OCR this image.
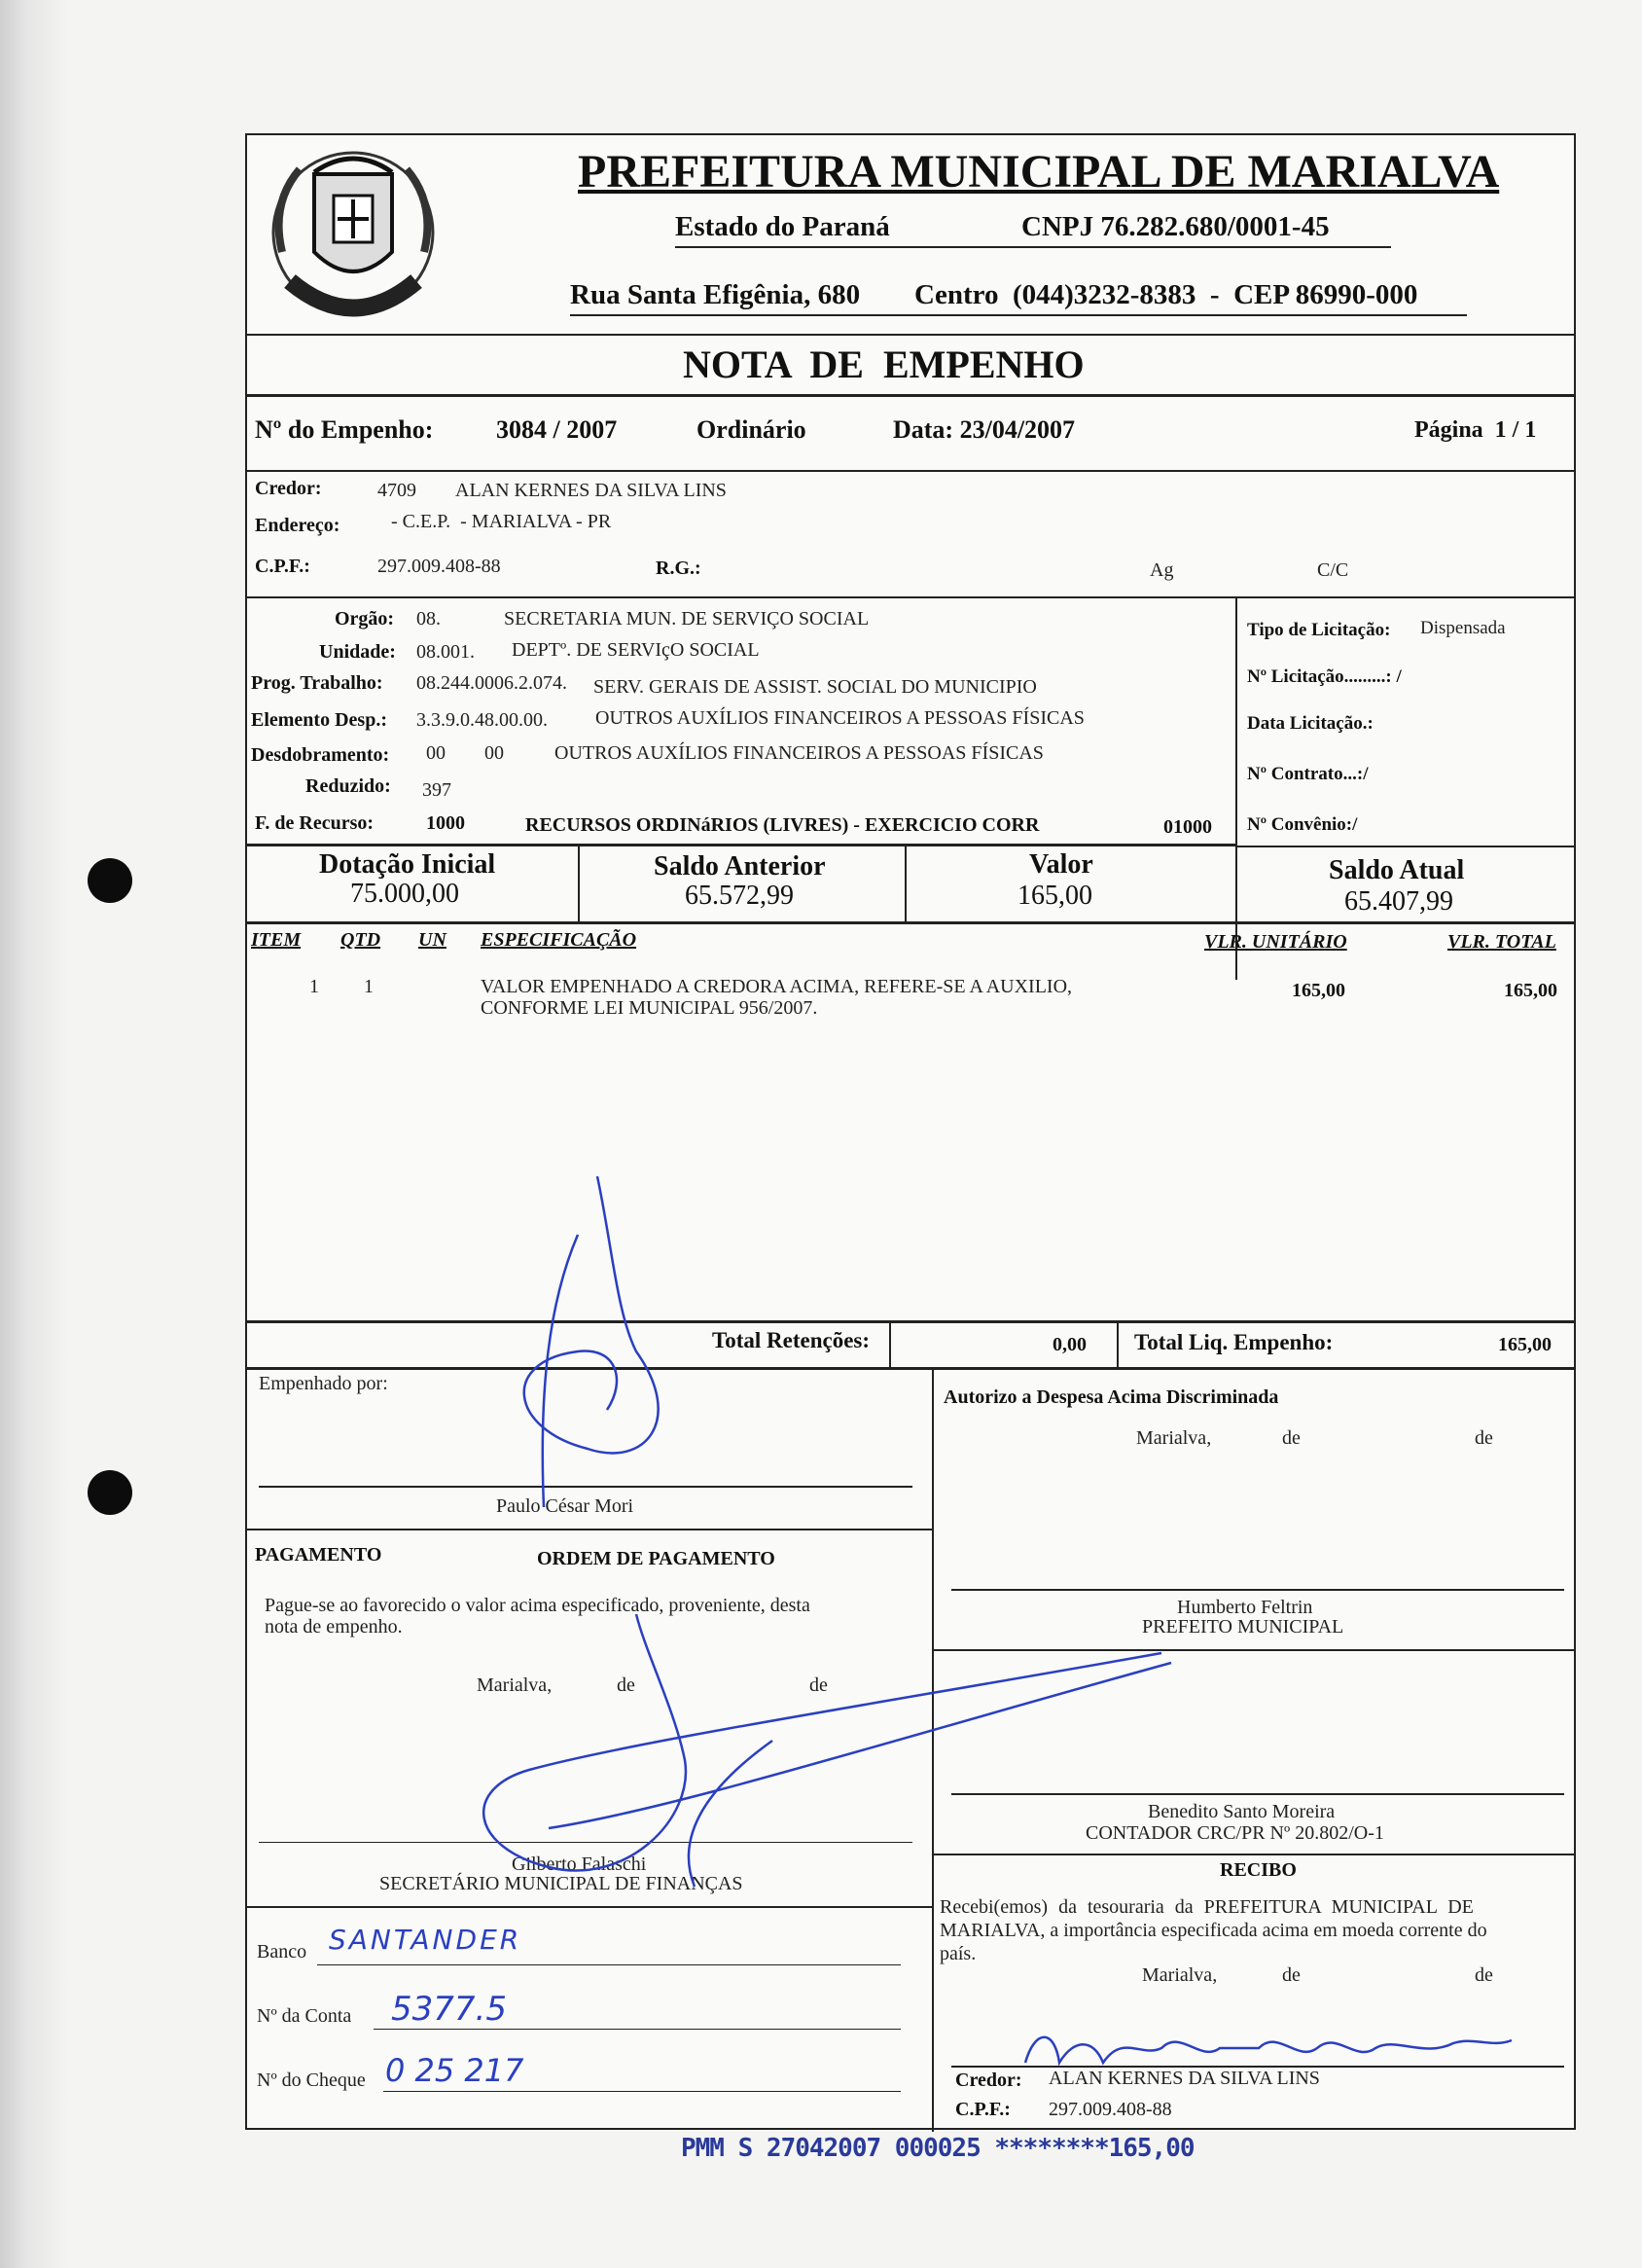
PREFEITURA MUNICIPAL DE MARIALVA
Estado do Paraná	CNPJ 76.282.680/0001-45
Rua Santa Efigênia, 680 Centro  (044)3232-8383  -  CEP 86990-000
NOTA  DE  EMPENHO
Nº do Empenho: 3084 / 2007	Ordinário	Data: 23/04/2007	Página  1 / 1
Credor:	4709 ALAN KERNES DA SILVA LINS
Endereço:	- C.E.P.  - MARIALVA - PR
C.P.F.:	297.009.408-88	R.G.:	Ag	C/C
Orgão: 08.	SECRETARIA MUN. DE SERVIÇO SOCIAL
Unidade: 08.001. DEPTº. DE SERVIçO SOCIAL
Prog. Trabalho: 08.244.0006.2.074. SERV. GERAIS DE ASSIST. SOCIAL DO MUNICIPIO
Elemento Desp.: 3.3.9.0.48.00.00. OUTROS AUXÍLIOS FINANCEIROS A PESSOAS FÍSICAS
Desdobramento: 00 00	OUTROS AUXÍLIOS FINANCEIROS A PESSOAS FÍSICAS
Reduzido: 397
F. de Recurso:	1000	RECURSOS ORDINáRIOS (LIVRES) - EXERCICIO CORR	01000
Tipo de Licitação: Dispensada
Nº Licitação.........: /
Data Licitação.:
Nº Contrato...:/
Nº Convênio:/
Dotação Inicial
75.000,00
Saldo Anterior
65.572,99
Valor
165,00
Saldo Atual
65.407,99
ITEM QTD UN ESPECIFICAÇÃO	VLR. UNITÁRIO	VLR. TOTAL
1 1	VALOR EMPENHADO A CREDORA ACIMA, REFERE-SE A AUXILIO,
CONFORME LEI MUNICIPAL 956/2007.
165,00	165,00
Total Retenções:	0,00 Total Liq. Empenho:	165,00
Empenhado por:
Paulo César Mori
Autorizo a Despesa Acima Discriminada
Marialva,	de	de
PAGAMENTO	ORDEM DE PAGAMENTO
Pague-se ao favorecido o valor acima especificado, proveniente, desta
nota de empenho.
Marialva,	de	de
Gilberto Falaschi
SECRETÁRIO MUNICIPAL DE FINANÇAS
Banco SANTANDER
Nº da Conta 5377.5
Nº do Cheque 0 25 217
Humberto Feltrin
PREFEITO MUNICIPAL
Benedito Santo Moreira
CONTADOR CRC/PR Nº 20.802/O-1
RECIBO
Recebi(emos) da tesouraria da PREFEITURA MUNICIPAL DE
MARIALVA, a importância especificada acima em moeda corrente do
país.
Marialva,	de	de
Credor: ALAN KERNES DA SILVA LINS
C.P.F.: 297.009.408-88
PMM S 27042007 000025 ********165,00
